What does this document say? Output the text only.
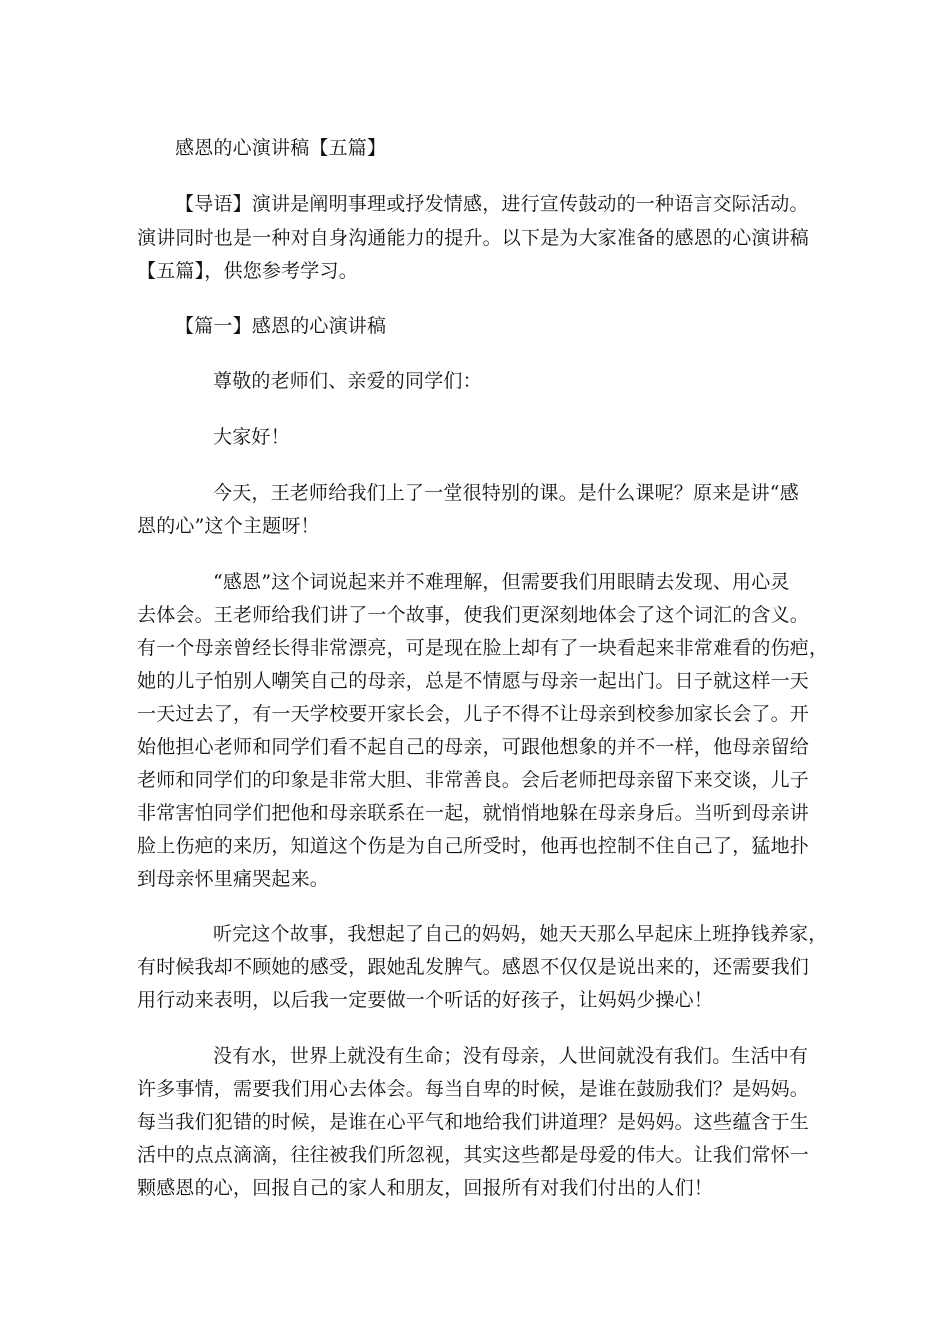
感恩的心演讲稿【五篇】
【导语】演讲是阐明事理或抒发情感，进行宣传鼓动的一种语言交际活动。
演讲同时也是一种对自身沟通能力的提升。以下是为大家准备的感恩的心演讲稿
【五篇】，供您参考学习。
【篇一】感恩的心演讲稿
尊敬的老师们、亲爱的同学们：
大家好！
今天，王老师给我们上了一堂很特别的课。是什么课呢？原来是讲“感
恩的心”这个主题呀！
“感恩”这个词说起来并不难理解，但需要我们用眼睛去发现、用心灵
去体会。王老师给我们讲了一个故事，使我们更深刻地体会了这个词汇的含义。
有一个母亲曾经长得非常漂亮，可是现在脸上却有了一块看起来非常难看的伤疤，
她的儿子怕别人嘲笑自己的母亲，总是不情愿与母亲一起出门。日子就这样一天
一天过去了，有一天学校要开家长会，儿子不得不让母亲到校参加家长会了。开
始他担心老师和同学们看不起自己的母亲，可跟他想象的并不一样，他母亲留给
老师和同学们的印象是非常大胆、非常善良。会后老师把母亲留下来交谈，儿子
非常害怕同学们把他和母亲联系在一起，就悄悄地躲在母亲身后。当听到母亲讲
脸上伤疤的来历，知道这个伤是为自己所受时，他再也控制不住自己了，猛地扑
到母亲怀里痛哭起来。
听完这个故事，我想起了自己的妈妈，她天天那么早起床上班挣钱养家，
有时候我却不顾她的感受，跟她乱发脾气。感恩不仅仅是说出来的，还需要我们
用行动来表明，以后我一定要做一个听话的好孩子，让妈妈少操心！
没有水，世界上就没有生命；没有母亲，人世间就没有我们。生活中有
许多事情，需要我们用心去体会。每当自卑的时候，是谁在鼓励我们？是妈妈。
每当我们犯错的时候，是谁在心平气和地给我们讲道理？是妈妈。这些蕴含于生
活中的点点滴滴，往往被我们所忽视，其实这些都是母爱的伟大。让我们常怀一
颗感恩的心，回报自己的家人和朋友，回报所有对我们付出的人们！
